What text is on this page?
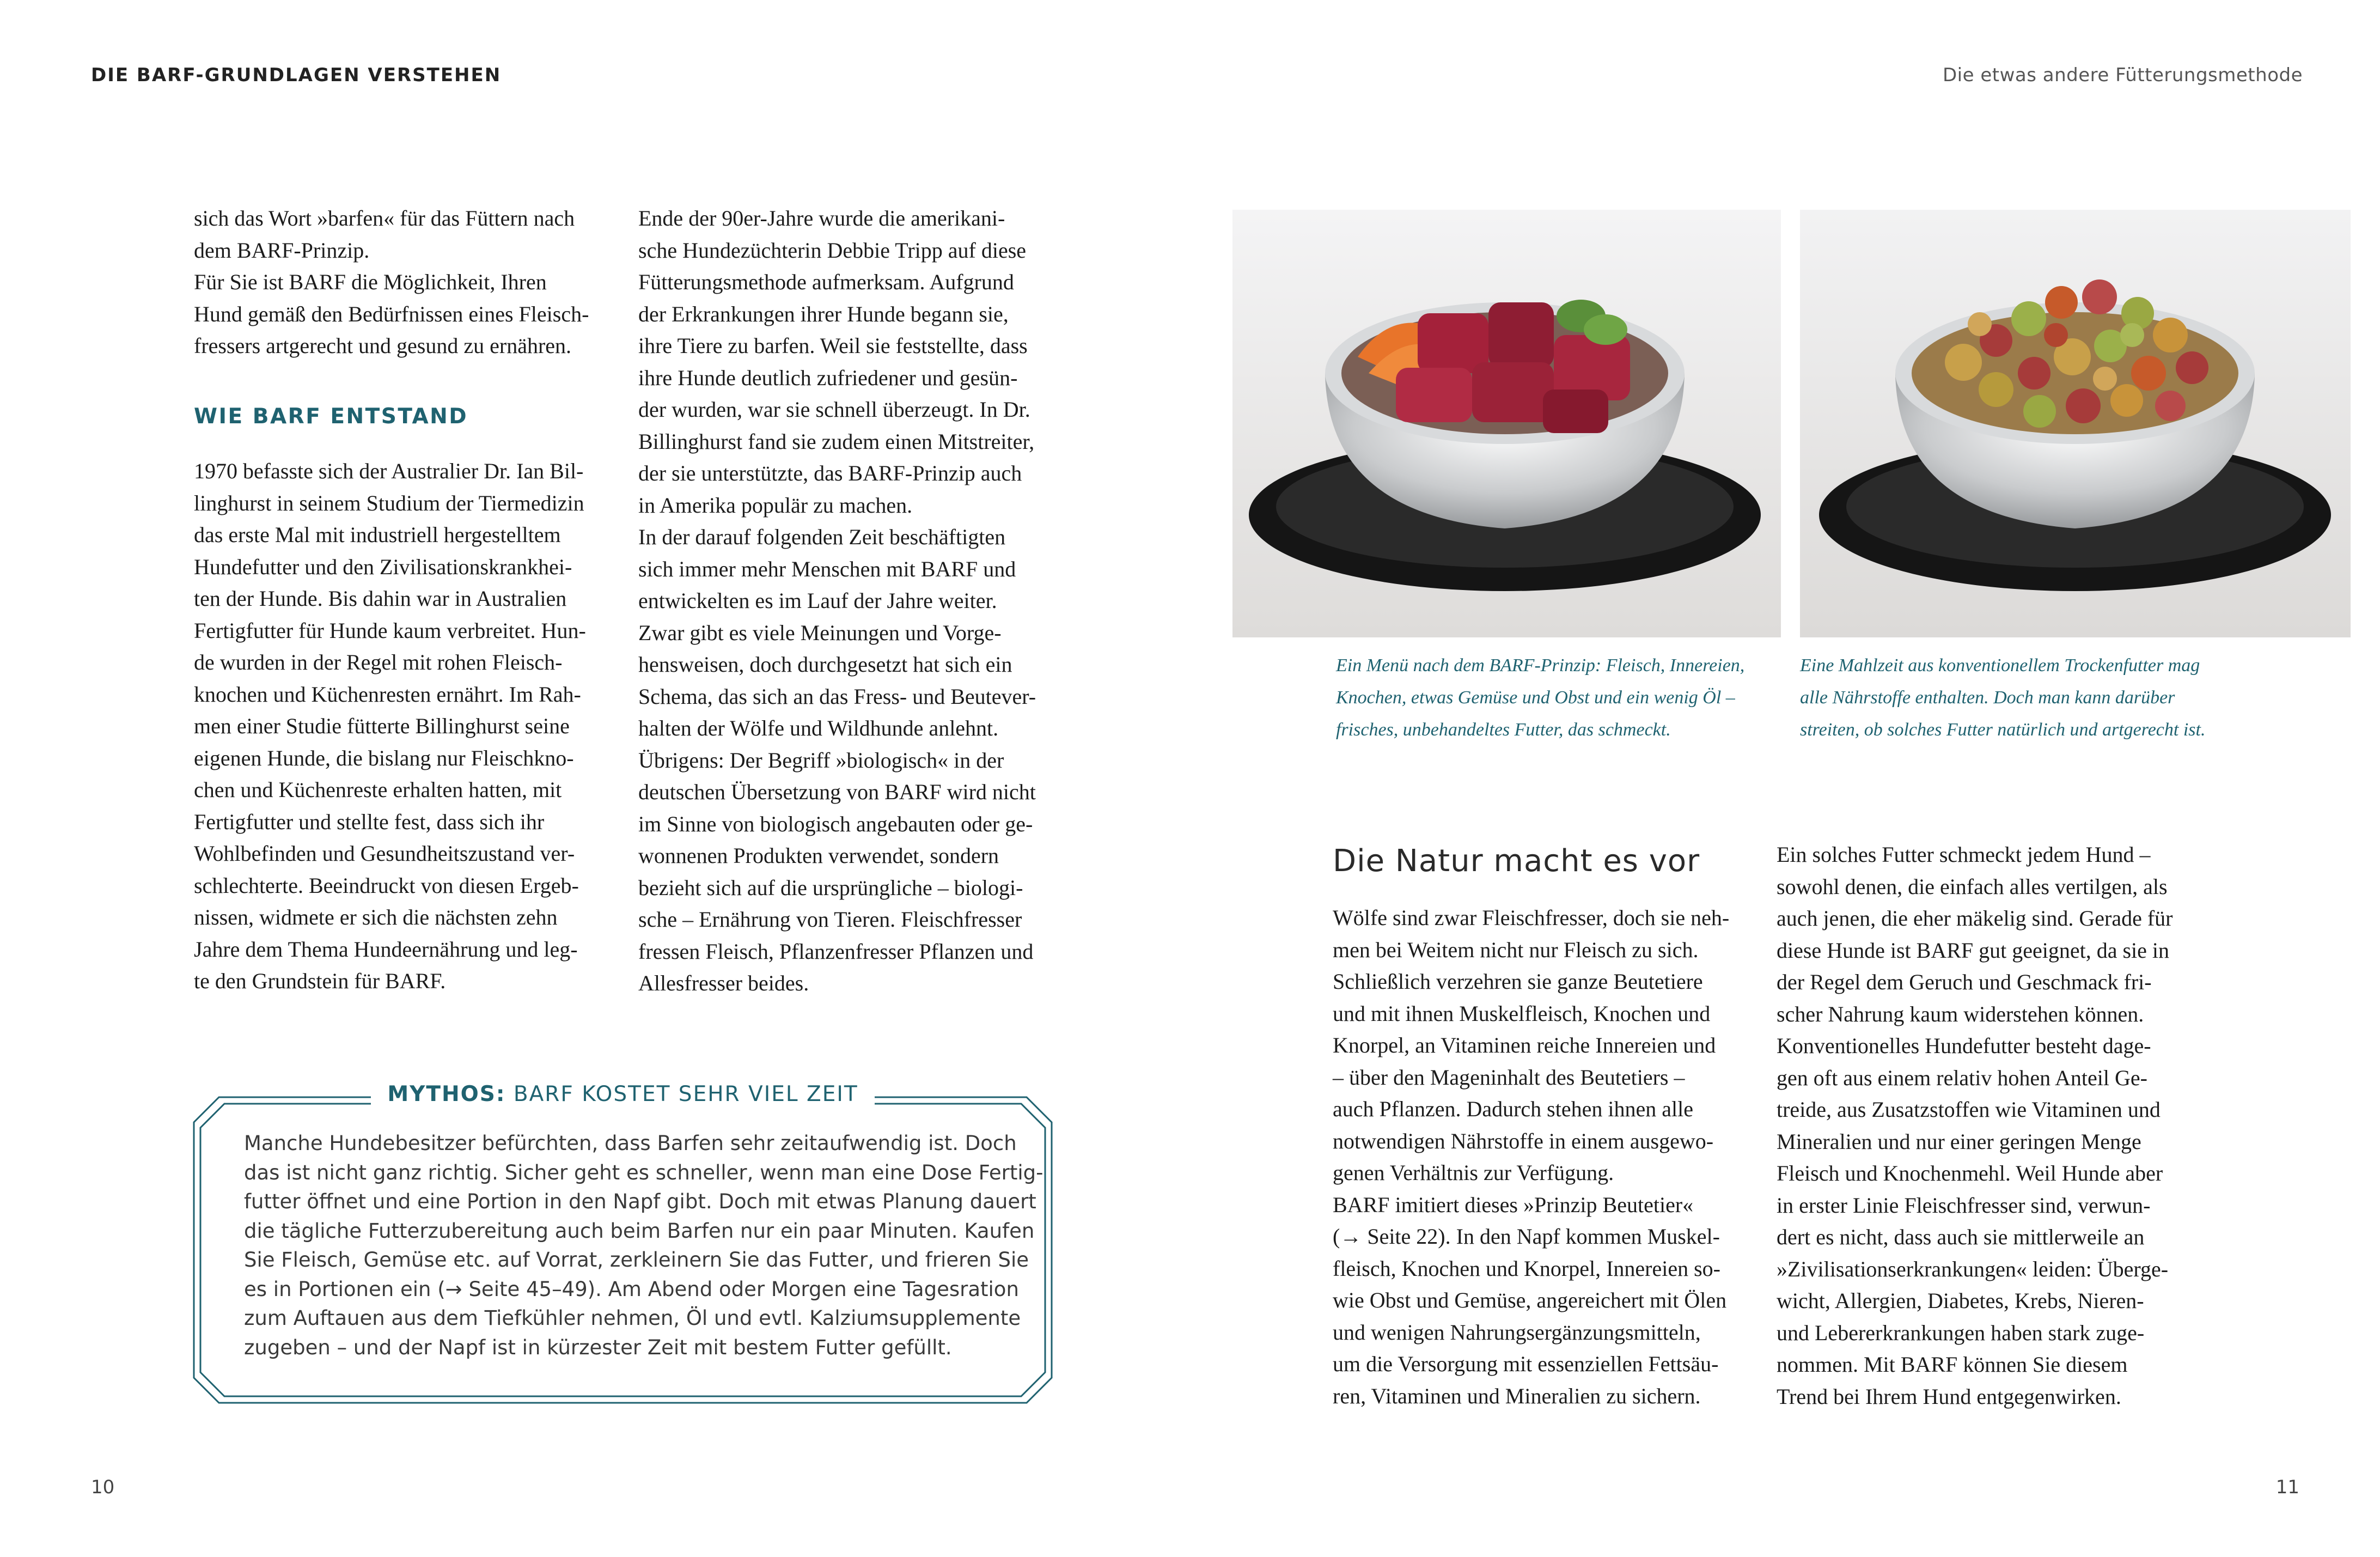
DIE BARF-GRUNDLAGEN VERSTEHEN	Die etwas andere Fütterungsmethode

sich das Wort »barfen« für das Füttern nach

dem BARF-Prinzip.

Für Sie ist BARF die Möglichkeit, Ihren

Hund gemäß den Bedürfnissen eines Fleisch-

fressers artgerecht und gesund zu ernähren.

WIE BARF ENTSTAND

1970 befasste sich der Australier Dr. Ian Bil-

linghurst in seinem Studium der Tiermedizin

das erste Mal mit industriell hergestelltem

Hundefutter und den Zivilisationskrankhei-

ten der Hunde. Bis dahin war in Australien

Fertigfutter für Hunde kaum verbreitet. Hun-

de wurden in der Regel mit rohen Fleisch-

knochen und Küchenresten ernährt. Im Rah-

men einer Studie fütterte Billinghurst seine

eigenen Hunde, die bislang nur Fleischkno-

chen und Küchenreste erhalten hatten, mit

Fertigfutter und stellte fest, dass sich ihr

Wohlbefinden und Gesundheitszustand ver-

schlechterte. Beeindruckt von diesen Ergeb-

nissen, widmete er sich die nächsten zehn

Jahre dem Thema Hundeernährung und leg-

te den Grundstein für BARF.

Ende der 90er-Jahre wurde die amerikani-

sche Hundezüchterin Debbie Tripp auf diese

Fütterungsmethode aufmerksam. Aufgrund

der Erkrankungen ihrer Hunde begann sie,

ihre Tiere zu barfen. Weil sie feststellte, dass

ihre Hunde deutlich zufriedener und gesün-

der wurden, war sie schnell überzeugt. In Dr.

Billinghurst fand sie zudem einen Mitstreiter,

der sie unterstützte, das BARF-Prinzip auch

in Amerika populär zu machen.

In der darauf folgenden Zeit beschäftigten

sich immer mehr Menschen mit BARF und

entwickelten es im Lauf der Jahre weiter.

Zwar gibt es viele Meinungen und Vorge-

hensweisen, doch durchgesetzt hat sich ein

Schema, das sich an das Fress- und Beutever-

halten der Wölfe und Wildhunde anlehnt.

Übrigens: Der Begriff »biologisch« in der

deutschen Übersetzung von BARF wird nicht

im Sinne von biologisch angebauten oder ge-

wonnenen Produkten verwendet, sondern

bezieht sich auf die ursprüngliche – biologi-

sche – Ernährung von Tieren. Fleischfresser

fressen Fleisch, Pflanzenfresser Pflanzen und

Allesfresser beides.

MYTHOS: BARF KOSTET SEHR VIEL ZEIT

Manche Hundebesitzer befürchten, dass Barfen sehr zeitaufwendig ist. Doch

das ist nicht ganz richtig. Sicher geht es schneller, wenn man eine Dose Fertig-

futter öffnet und eine Portion in den Napf gibt. Doch mit etwas Planung dauert

die tägliche Futterzubereitung auch beim Barfen nur ein paar Minuten. Kaufen

Sie Fleisch, Gemüse etc. auf Vorrat, zerkleinern Sie das Futter, und frieren Sie

es in Portionen ein (→ Seite 45–49). Am Abend oder Morgen eine Tagesration

zum Auftauen aus dem Tiefkühler nehmen, Öl und evtl. Kalziumsupplemente

zugeben – und der Napf ist in kürzester Zeit mit bestem Futter gefüllt.

10

Ein Menü nach dem BARF-Prinzip: Fleisch, Innereien,

Knochen, etwas Gemüse und Obst und ein wenig Öl –

frisches, unbehandeltes Futter, das schmeckt.

Eine Mahlzeit aus konventionellem Trockenfutter mag

alle Nährstoffe enthalten. Doch man kann darüber

streiten, ob solches Futter natürlich und artgerecht ist.

Die Natur macht es vor

Wölfe sind zwar Fleischfresser, doch sie neh-

men bei Weitem nicht nur Fleisch zu sich.

Schließlich verzehren sie ganze Beutetiere

und mit ihnen Muskelfleisch, Knochen und

Knorpel, an Vitaminen reiche Innereien und

– über den Mageninhalt des Beutetiers –

auch Pflanzen. Dadurch stehen ihnen alle

notwendigen Nährstoffe in einem ausgewo-

genen Verhältnis zur Verfügung.

BARF imitiert dieses »Prinzip Beutetier«

(→ Seite 22). In den Napf kommen Muskel-

fleisch, Knochen und Knorpel, Innereien so-

wie Obst und Gemüse, angereichert mit Ölen

und wenigen Nahrungsergänzungsmitteln,

um die Versorgung mit essenziellen Fettsäu-

ren, Vitaminen und Mineralien zu sichern.

Ein solches Futter schmeckt jedem Hund –

sowohl denen, die einfach alles vertilgen, als

auch jenen, die eher mäkelig sind. Gerade für

diese Hunde ist BARF gut geeignet, da sie in

der Regel dem Geruch und Geschmack fri-

scher Nahrung kaum widerstehen können.

Konventionelles Hundefutter besteht dage-

gen oft aus einem relativ hohen Anteil Ge-

treide, aus Zusatzstoffen wie Vitaminen und

Mineralien und nur einer geringen Menge

Fleisch und Knochenmehl. Weil Hunde aber

in erster Linie Fleischfresser sind, verwun-

dert es nicht, dass auch sie mittlerweile an

»Zivilisationserkrankungen« leiden: Überge-

wicht, Allergien, Diabetes, Krebs, Nieren-

und Lebererkrankungen haben stark zuge-

nommen. Mit BARF können Sie diesem

Trend bei Ihrem Hund entgegenwirken.

11
